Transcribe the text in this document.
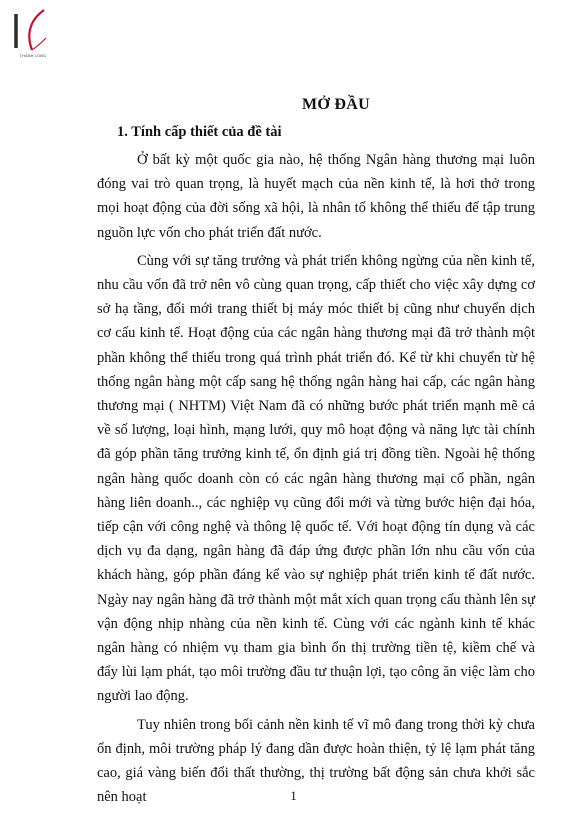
THÀNH LONG
MỞ ĐẦU
1. Tính cấp thiết của đề tài

Ở bất kỳ một quốc gia nào, hệ thống Ngân hàng thương mại luôn đóng vai trò quan trọng, là huyết mạch của nền kinh tế, là hơi thở trong mọi hoạt động của đời sống xã hội, là nhân tố không thể thiếu để tập trung nguồn lực vốn cho phát triển đất nước.

Cùng với sự tăng trưởng và phát triển không ngừng của nền kinh tế, nhu cầu vốn đã trở nên vô cùng quan trọng, cấp thiết cho việc xây dựng cơ sở hạ tầng, đổi mới trang thiết bị máy móc thiết bị cũng như chuyển dịch cơ cấu kinh tế. Hoạt động của các ngân hàng thương mại đã trở thành một phần không thể thiếu trong quá trình phát triển đó. Kể từ khi chuyển từ hệ thống ngân hàng một cấp sang hệ thống ngân hàng hai cấp, các ngân hàng thương mại ( NHTM) Việt Nam đã có những bước phát triển mạnh mẽ cả về số lượng, loại hình, mạng lưới, quy mô hoạt động và năng lực tài chính đã góp phần tăng trưởng kinh tế, ổn định giá trị đồng tiền. Ngoài hệ thống ngân hàng quốc doanh còn có các ngân hàng thương mại cổ phần, ngân hàng liên doanh.., các nghiệp vụ cũng đổi mới và từng bước hiện đại hóa, tiếp cận với công nghệ và thông lệ quốc tế. Với hoạt động tín dụng và các dịch vụ đa dạng, ngân hàng đã đáp ứng được phần lớn nhu cầu vốn của khách hàng, góp phần đáng kể vào sự nghiệp phát triển kinh tế đất nước. Ngày nay ngân hàng đã trở thành một mắt xích quan trọng cấu thành lên sự vận động nhịp nhàng của nền kinh tế. Cùng với các ngành kinh tế khác ngân hàng có nhiệm vụ tham gia bình ổn thị trường tiền tệ, kiềm chế và đẩy lùi lạm phát, tạo môi trường đầu tư thuận lợi, tạo công ăn việc làm cho người lao động.

Tuy nhiên trong bối cảnh nền kinh tế vĩ mô đang trong thời kỳ chưa ổn định, môi trường pháp lý đang dần được hoàn thiện, tỷ lệ lạm phát tăng cao, giá vàng biến đổi thất thường, thị trường bất động sản chưa khởi sắc nên hoạt	1
